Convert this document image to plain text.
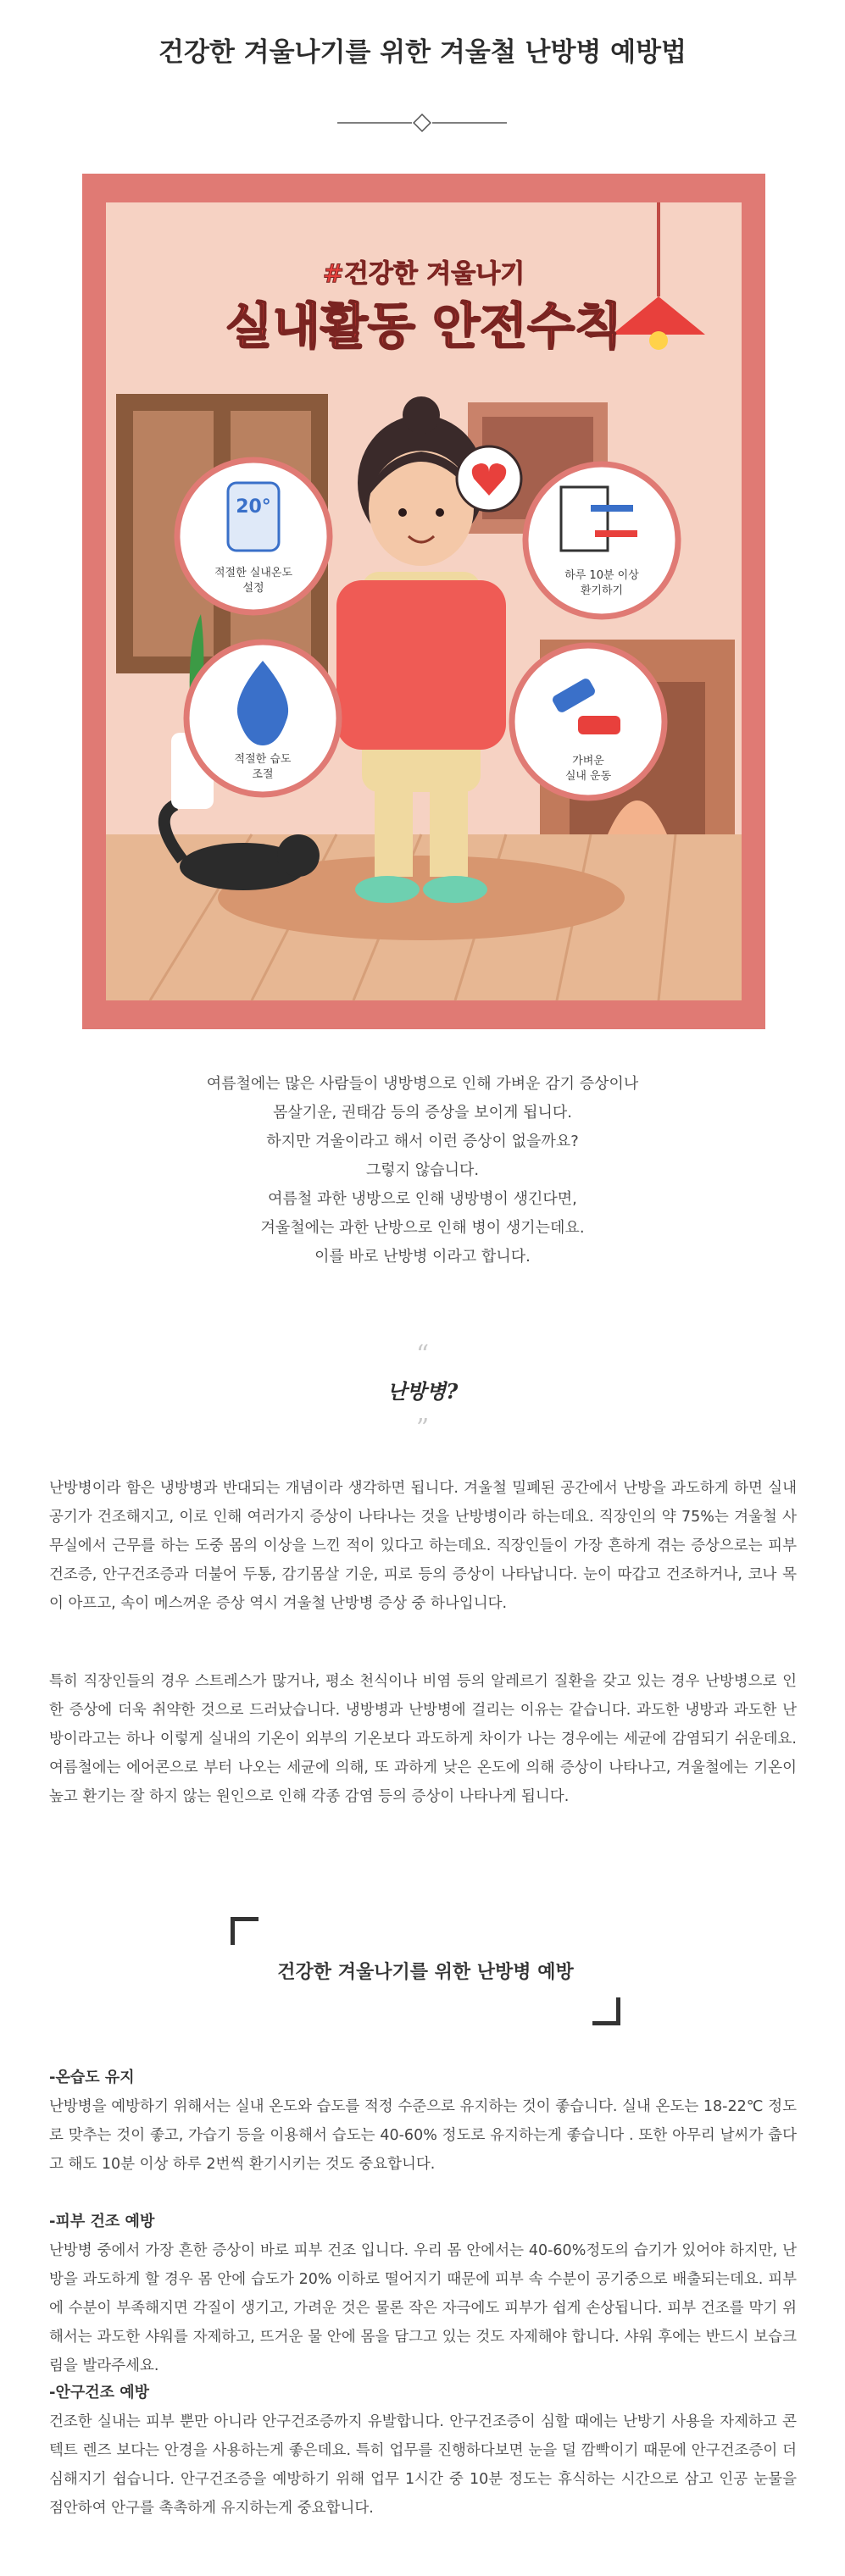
건강한 겨울나기를 위한 겨울철 난방병 예방법
#건강한 겨울나기
실내활동 안전수칙
20°
적절한 실내온도
설정
하루 10분 이상
환기하기
적절한 습도
조절
가벼운
실내 운동

여름철에는 많은 사람들이 냉방병으로 인해 가벼운 감기 증상이나

몸살기운, 권태감 등의 증상을 보이게 됩니다.

하지만 겨울이라고 해서 이런 증상이 없을까요?

그렇지 않습니다.

여름철 과한 냉방으로 인해 냉방병이 생긴다면,

겨울철에는 과한 난방으로 인해 병이 생기는데요.

이를 바로 난방병 이라고 합니다.

“
난방병?
”

난방병이라 함은 냉방병과 반대되는 개념이라 생각하면 됩니다. 겨울철 밀폐된 공간에서 난방을 과도하게 하면 실내 공기가 건조해지고, 이로 인해 여러가지 증상이 나타나는 것을 난방병이라 하는데요. 직장인의 약 75%는 겨울철 사무실에서 근무를 하는 도중 몸의 이상을 느낀 적이 있다고 하는데요. 직장인들이 가장 흔하게 겪는 증상으로는 피부 건조증, 안구건조증과 더불어 두통, 감기몸살 기운, 피로 등의 증상이 나타납니다. 눈이 따갑고 건조하거나, 코나 목이 아프고, 속이 메스꺼운 증상 역시 겨울철 난방병 증상 중 하나입니다.

특히 직장인들의 경우 스트레스가 많거나, 평소 천식이나 비염 등의 알레르기 질환을 갖고 있는 경우 난방병으로 인한 증상에 더욱 취약한 것으로 드러났습니다. 냉방병과 난방병에 걸리는 이유는 같습니다. 과도한 냉방과 과도한 난방이라고는 하나 이렇게 실내의 기온이 외부의 기온보다 과도하게 차이가 나는 경우에는 세균에 감염되기 쉬운데요. 여름철에는 에어콘으로 부터 나오는 세균에 의해, 또 과하게 낮은 온도에 의해 증상이 나타나고, 겨울철에는 기온이 높고 환기는 잘 하지 않는 원인으로 인해 각종 감염 등의 증상이 나타나게 됩니다.

건강한 겨울나기를 위한 난방병 예방
-온습도 유지

난방병을 예방하기 위해서는 실내 온도와 습도를 적정 수준으로 유지하는 것이 좋습니다. 실내 온도는 18-22℃ 정도로 맞추는 것이 좋고, 가습기 등을 이용해서 습도는 40-60% 정도로 유지하는게 좋습니다 . 또한 아무리 날씨가 춥다고 해도 10분 이상 하루 2번씩 환기시키는 것도 중요합니다.

-피부 건조 예방

난방병 중에서 가장 흔한 증상이 바로 피부 건조 입니다. 우리 몸 안에서는 40-60%정도의 습기가 있어야 하지만, 난방을 과도하게 할 경우 몸 안에 습도가 20% 이하로 떨어지기 때문에 피부 속 수분이 공기중으로 배출되는데요. 피부에 수분이 부족해지면 각질이 생기고, 가려운 것은 물론 작은 자극에도 피부가 쉽게 손상됩니다. 피부 건조를 막기 위해서는 과도한 샤워를 자제하고, 뜨거운 물 안에 몸을 담그고 있는 것도 자제해야 합니다. 샤워 후에는 반드시 보습크림을 발라주세요.

-안구건조 예방

건조한 실내는 피부 뿐만 아니라 안구건조증까지 유발합니다. 안구건조증이 심할 때에는 난방기 사용을 자제하고 콘텍트 렌즈 보다는 안경을 사용하는게 좋은데요. 특히 업무를 진행하다보면 눈을 덜 깜빡이기 때문에 안구건조증이 더 심해지기 쉽습니다. 안구건조증을 예방하기 위해 업무 1시간 중 10분 정도는 휴식하는 시간으로 삼고 인공 눈물을 점안하여 안구를 촉촉하게 유지하는게 중요합니다.
